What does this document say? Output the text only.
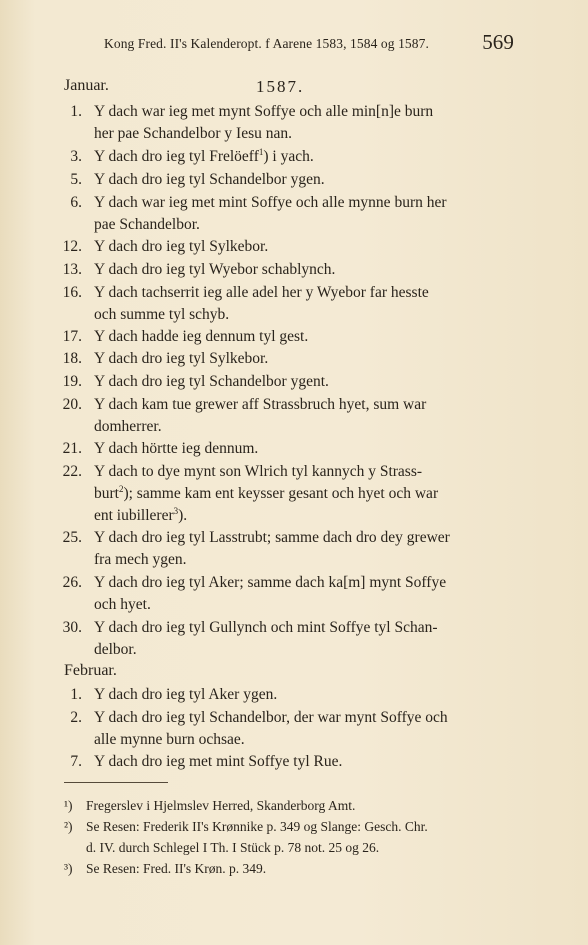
Kong Fred. II's Kalenderopt. f Aarene 1583, 1584 og 1587.	569
Januar.	1587.
1. Y dach war ieg met mynt Soffye och alle min[n]e burn
her pae Schandelbor y Iesu nan.
3. Y dach dro ieg tyl Frelöeff$^1$) i yach.
5. Y dach dro ieg tyl Schandelbor ygen.
6. Y dach war ieg met mint Soffye och alle mynne burn her
pae Schandelbor.
12. Y dach dro ieg tyl Sylkebor.
13. Y dach dro ieg tyl Wyebor schablynch.
16. Y dach tachserrit ieg alle adel her y Wyebor far hesste
och summe tyl schyb.
17. Y dach hadde ieg dennum tyl gest.
18. Y dach dro ieg tyl Sylkebor.
19. Y dach dro ieg tyl Schandelbor ygent.
20. Y dach kam tue grewer aff Strassbruch hyet, sum war
domherrer.
21. Y dach hörtte ieg dennum.
22. Y dach to dye mynt son Wlrich tyl kannych y Strass-
burt$^2$); samme kam ent keysser gesant och hyet och war
ent iubillerer$^3$).
25. Y dach dro ieg tyl Lasstrubt; samme dach dro dey grewer
fra mech ygen.
26. Y dach dro ieg tyl Aker; samme dach ka[m] mynt Soffye
och hyet.
30. Y dach dro ieg tyl Gullynch och mint Soffye tyl Schan-
delbor.
Februar.
1. Y dach dro ieg tyl Aker ygen.
2. Y dach dro ieg tyl Schandelbor, der war mynt Soffye och
alle mynne burn ochsae.
7. Y dach dro ieg met mint Soffye tyl Rue.
¹) Fregerslev i Hjelmslev Herred, Skanderborg Amt.
²) Se Resen: Frederik II's Krønnike p. 349 og Slange: Gesch. Chr.
d. IV. durch Schlegel I Th. I Stück p. 78 not. 25 og 26.
³) Se Resen: Fred. II's Krøn. p. 349.
